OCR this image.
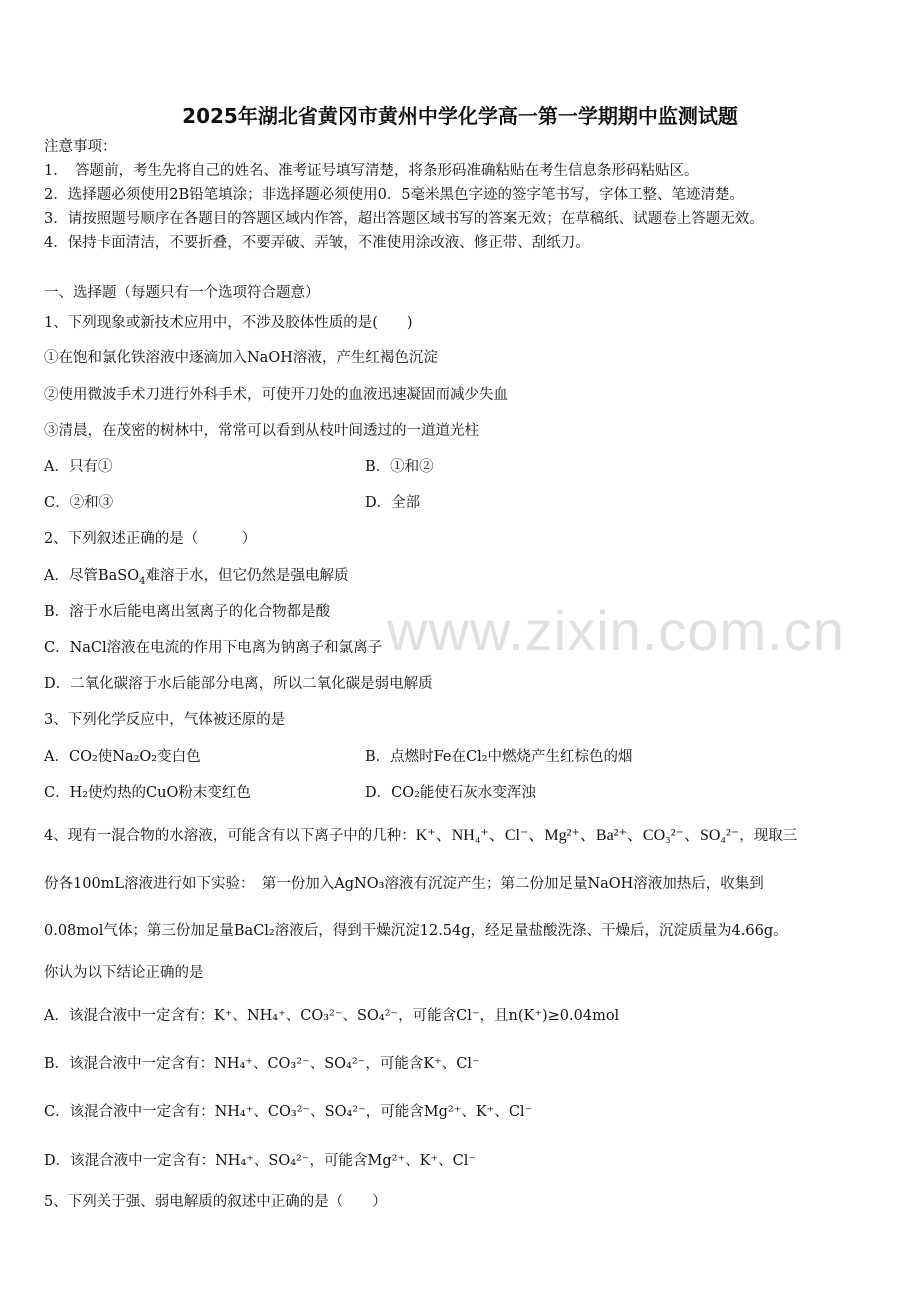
2025年湖北省黄冈市黄州中学化学高一第一学期期中监测试题
注意事项：
1．　答题前，考生先将自己的姓名、准考证号填写清楚，将条形码准确粘贴在考生信息条形码粘贴区。
2．选择题必须使用2B铅笔填涂；非选择题必须使用0．5毫米黑色字迹的签字笔书写，字体工整、笔迹清楚。
3．请按照题号顺序在各题目的答题区域内作答，超出答题区域书写的答案无效；在草稿纸、试题卷上答题无效。
4．保持卡面清洁，不要折叠，不要弄破、弄皱，不准使用涂改液、修正带、刮纸刀。
一、选择题（每题只有一个选项符合题意）
1、下列现象或新技术应用中，不涉及胶体性质的是(　　)
①在饱和氯化铁溶液中逐滴加入NaOH溶液，产生红褐色沉淀
②使用微波手术刀进行外科手术，可使开刀处的血液迅速凝固而减少失血
③清晨，在茂密的树林中，常常可以看到从枝叶间透过的一道道光柱
A．只有①	B．①和②
C．②和③	D．全部
2、下列叙述正确的是（　　　）
A．尽管BaSO$_4$难溶于水，但它仍然是强电解质
B．溶于水后能电离出氢离子的化合物都是酸
C．NaCl溶液在电流的作用下电离为钠离子和氯离子
D．二氧化碳溶于水后能部分电离，所以二氧化碳是弱电解质
3、下列化学反应中，气体被还原的是
A．CO₂使Na₂O₂变白色	B．点燃时Fe在Cl₂中燃烧产生红棕色的烟
C．H₂使灼热的CuO粉末变红色	D．CO₂能使石灰水变浑浊
4、现有一混合物的水溶液，可能含有以下离子中的几种：K⁺、NH₄⁺、Cl⁻、Mg²⁺、Ba²⁺、CO₃²⁻、SO₄²⁻，现取三
份各100mL溶液进行如下实验：　第一份加入AgNO₃溶液有沉淀产生；第二份加足量NaOH溶液加热后，收集到
0.08mol气体；第三份加足量BaCl₂溶液后，得到干燥沉淀12.54g，经足量盐酸洗涤、干燥后，沉淀质量为4.66g。
你认为以下结论正确的是
A．该混合液中一定含有：K⁺、NH₄⁺、CO₃²⁻、SO₄²⁻，可能含Cl⁻，且n(K⁺)≥0.04mol
B．该混合液中一定含有：NH₄⁺、CO₃²⁻、SO₄²⁻，可能含K⁺、Cl⁻
C．该混合液中一定含有：NH₄⁺、CO₃²⁻、SO₄²⁻，可能含Mg²⁺、K⁺、Cl⁻
D．该混合液中一定含有：NH₄⁺、SO₄²⁻，可能含Mg²⁺、K⁺、Cl⁻
5、下列关于强、弱电解质的叙述中正确的是（　　）
www.zixin.com.cn
